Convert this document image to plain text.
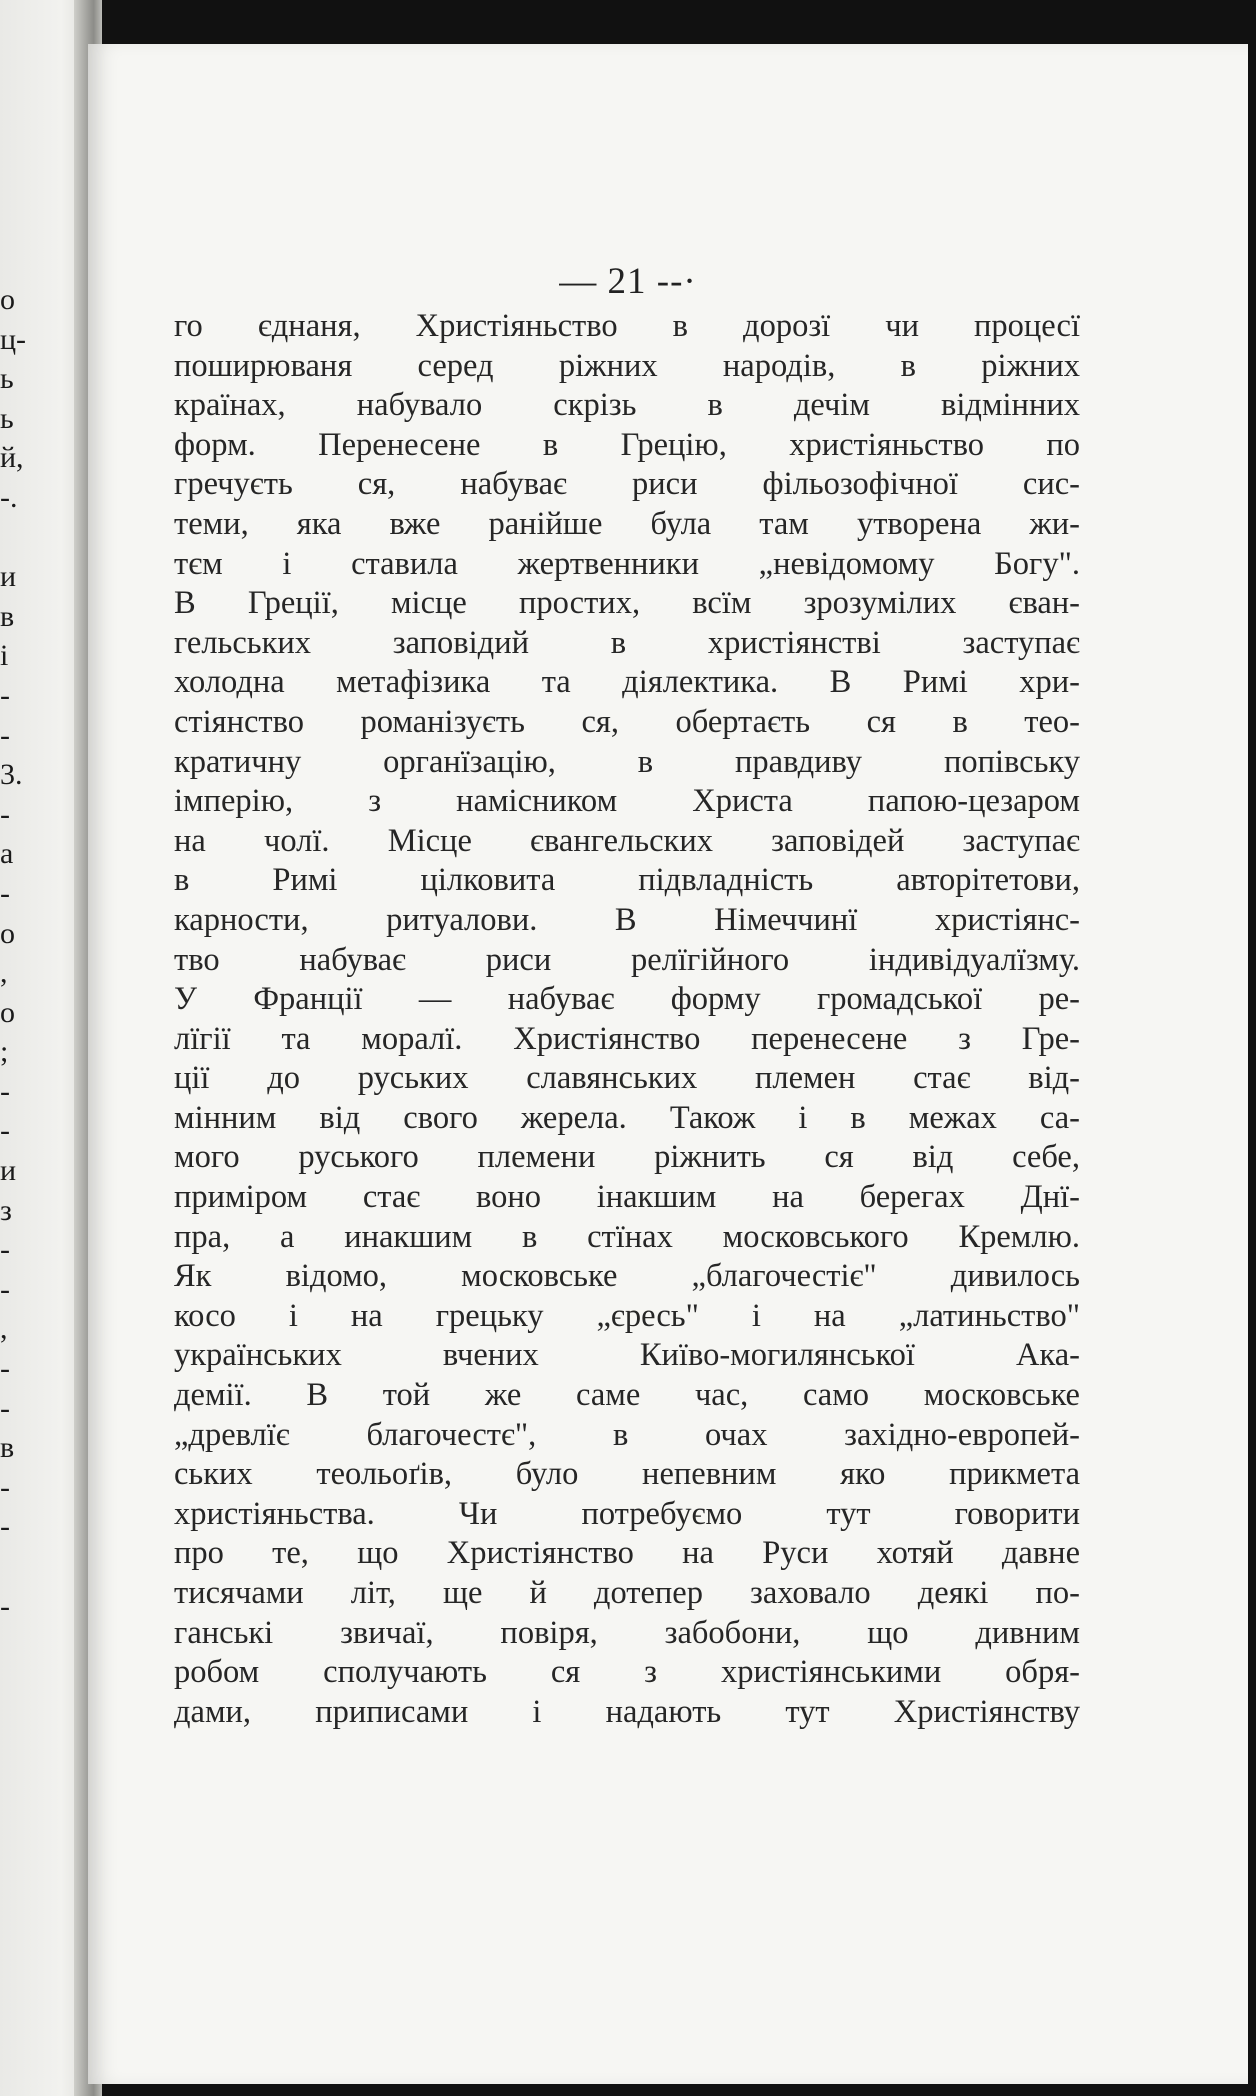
о
ц-
ь
ь
й,
-.
и
в
і
-
-
3.
-
а
-
о
,
о
;
-
-
и
з
-
-
,
-
-
в
-
-
-
— 21 --·
го єднаня, Христіяньство в дорозї чи процесї
поширюваня серед ріжних народів, в ріжних
країнах, набувало скрізь в дечім відмінних
форм. Перенесене в Грецію, христіяньство по
гречуєть ся, набуває риси фільозофічної сис-
теми, яка вже ранійше була там утворена жи-
тєм і ставила жертвенники „невідомому Богу".
В Греції, місце простих, всїм зрозумілих єван-
гельських заповідий в христіянстві заступає
холодна метафізика та діялектика. В Римі хри-
стіянство романізуєть ся, обертаєть ся в тео-
кратичну органїзацію, в правдиву попівську
імперію, з намісником Христа папою-цезаром
на чолї. Місце євангельских заповідей заступає
в Римі цілковита підвладність авторітетови,
карности, ритуалови. В Німеччинї христіянс-
тво набуває риси релїгійного індивідуалїзму.
У Франції — набуває форму громадської ре-
лїгії та моралї. Христіянство перенесене з Гре-
ції до руських славянських племен стає від-
мінним від свого жерела. Також і в межах са-
мого руського племени ріжнить ся від себе,
приміром стає воно інакшим на берегах Днї-
пра, а инакшим в стїнах московського Кремлю.
Як відомо, московське „благочестіє" дивилось
косо і на грецьку „єресь" і на „латиньство"
українських вчених Київо-могилянської Ака-
демії. В той же саме час, само московське
„древлїє благочестє", в очах західно-европей-
ських теольоґів, було непевним яко прикмета
христіяньства. Чи потребуємо тут говорити
про те, що Христіянство на Руси хотяй давне
тисячами літ, ще й дотепер заховало деякі по-
ганські звичаї, повіря, забобони, що дивним
робом сполучають ся з христіянськими обря-
дами, приписами і надають тут Христіянству
